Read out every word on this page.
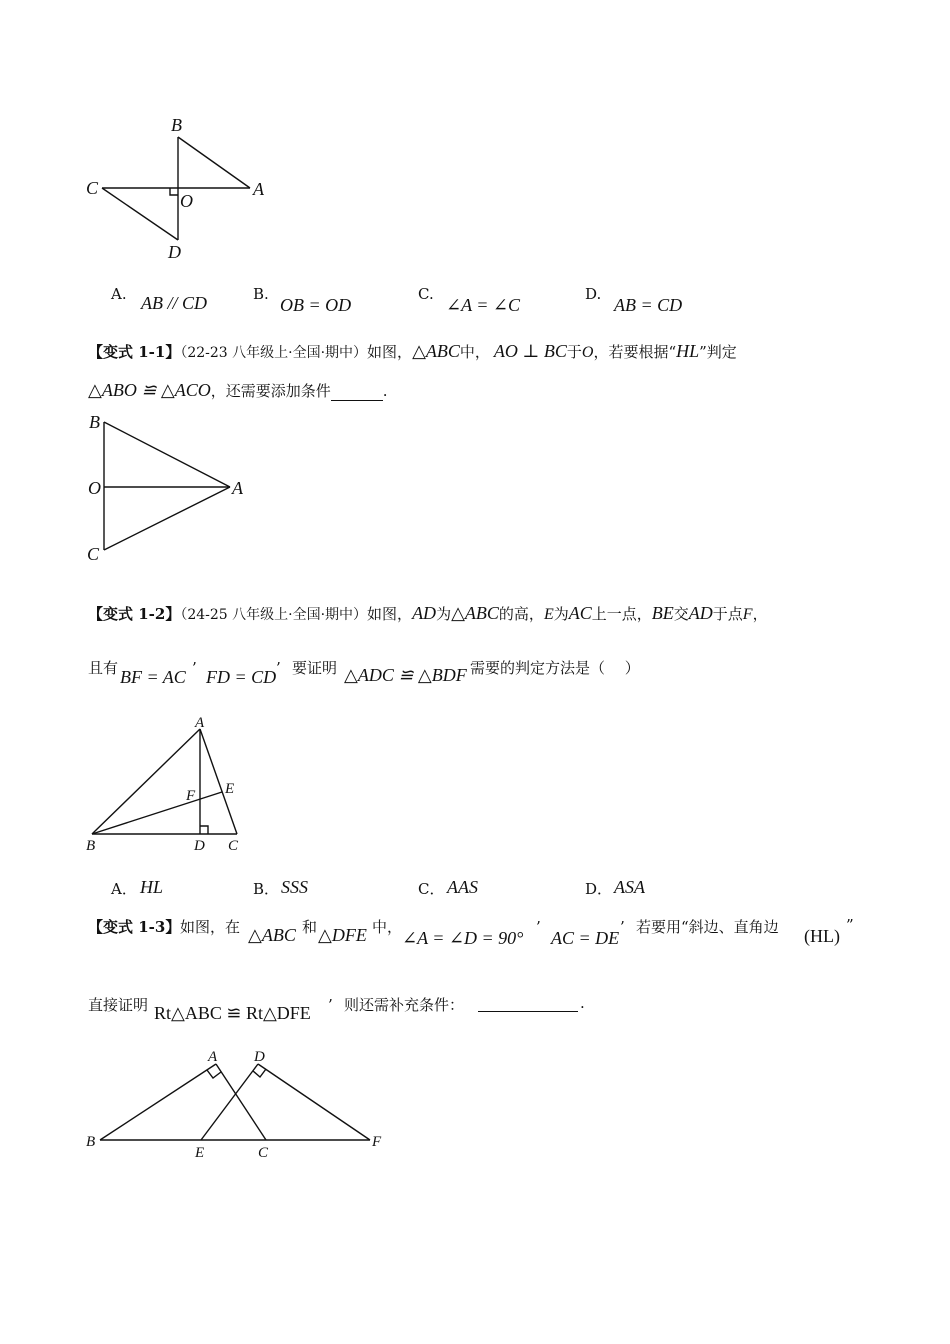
B
C
O
A
D
A. AB // CD	B.
OB = OD
C.
∠A = ∠C
D.
AB = CD
【变式 1-1】（22-23 八年级上·全国·期中）如图，△ABC中， AO ⊥ BC于O，若要根据“HL”判定
△ABO ≌ △ACO，还需要添加条件	.
B
O	A
C
【变式 1-2】（24-25 八年级上·全国·期中）如图，AD为△ABC的高，E为AC上一点，BE交AD于点F，
且有 BF = AC ’ FD = CD ’ 要证明 △ADC ≌ △BDF 需要的判定方法是（　 ）
A
F E
B	D C
A． HL	B． SSS	C． AAS	D． ASA
【变式 1-3】 如图，在 △ABC 和 △DFE 中，
∠A = ∠D = 90°
’
AC = DE
’ 若要用“斜边、直角边 (HL)
”
直接证明 Rt△ABC ≌ Rt△DFE ’ 则还需补充条件：	.
A D
B
E	C
F
